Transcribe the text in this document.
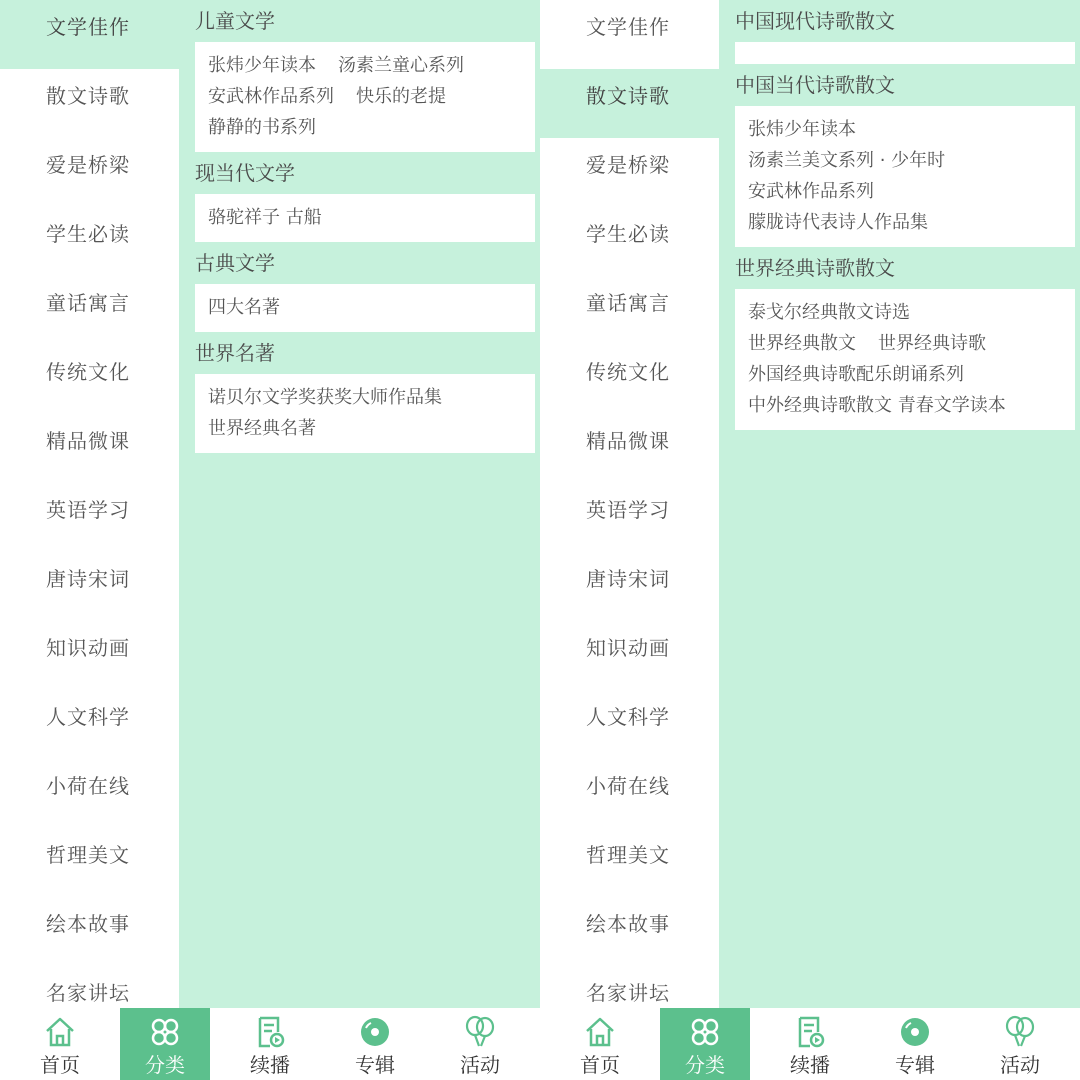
文学佳作
散文诗歌
爱是桥梁
学生必读
童话寓言
传统文化
精品微课
英语学习
唐诗宋词
知识动画
人文科学
小荷在线
哲理美文
绘本故事
名家讲坛
儿童文学
张炜少年读本 汤素兰童心系列
安武林作品系列 快乐的老提
静静的书系列
现当代文学
骆驼祥子 古船
古典文学
四大名著
世界名著
诺贝尔文学奖获奖大师作品集
世界经典名著
文学佳作
散文诗歌
爱是桥梁
学生必读
童话寓言
传统文化
精品微课
英语学习
唐诗宋词
知识动画
人文科学
小荷在线
哲理美文
绘本故事
名家讲坛
中国现代诗歌散文
中国当代诗歌散文
张炜少年读本
汤素兰美文系列 · 少年时
安武林作品系列
朦胧诗代表诗人作品集
世界经典诗歌散文
泰戈尔经典散文诗选
世界经典散文 世界经典诗歌
外国经典诗歌配乐朗诵系列
中外经典诗歌散文 青春文学读本
首页	分类	续播	专辑	活动	首页	分类	续播	专辑	活动
